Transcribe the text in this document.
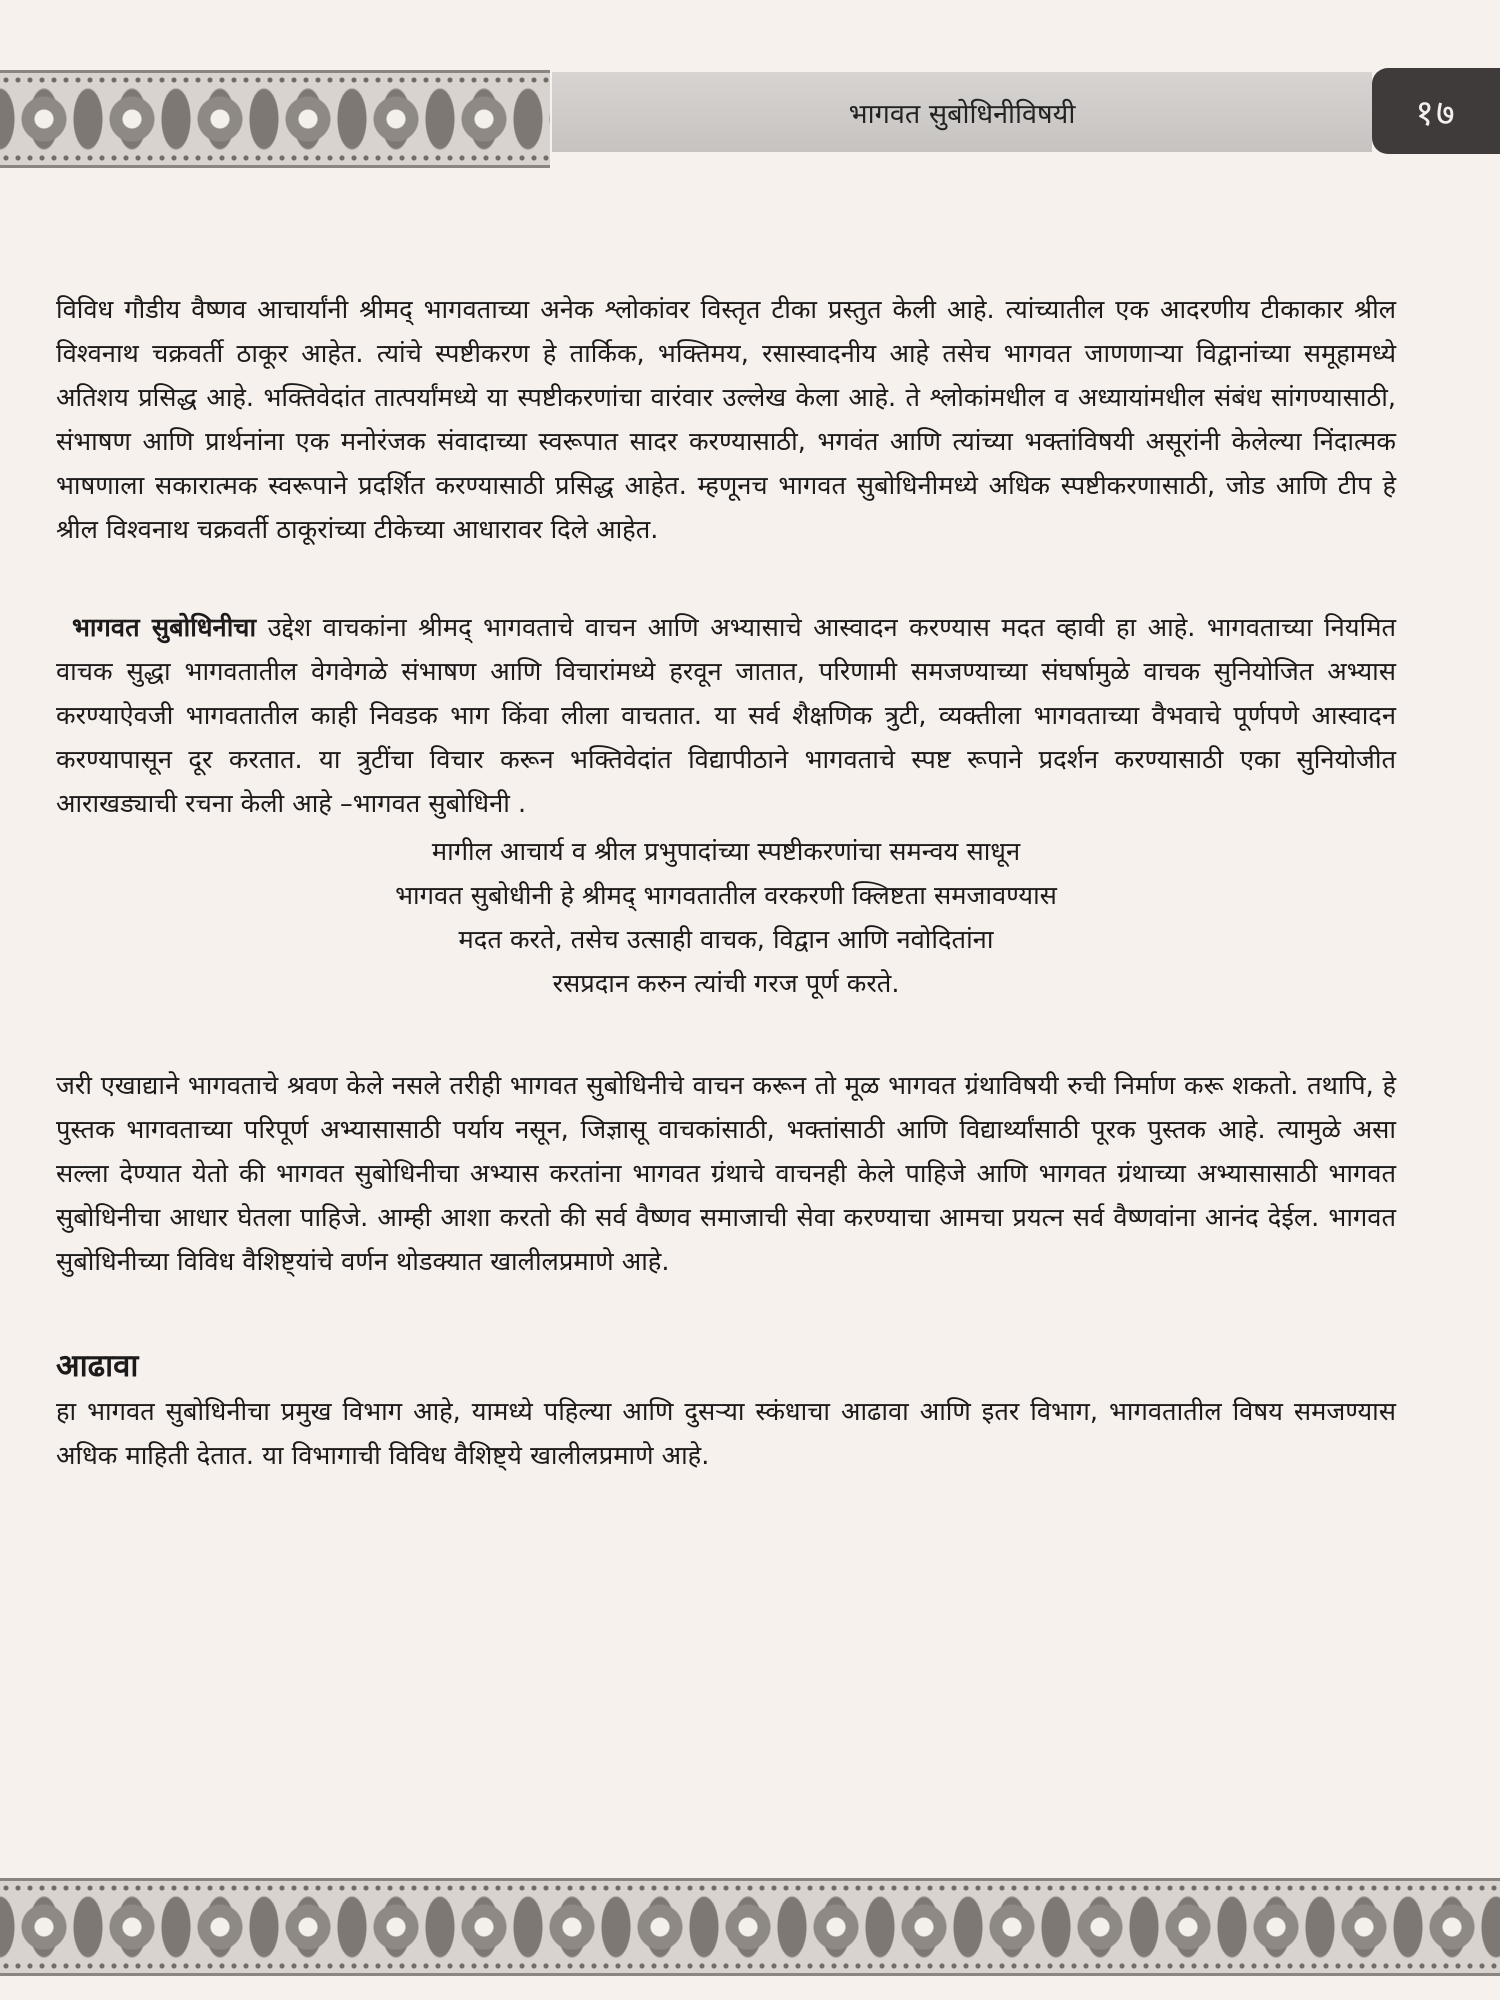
भागवत सुबोधिनीविषयी	१७

विविध गौडीय वैष्णव आचार्यांनी श्रीमद् भागवताच्या अनेक श्लोकांवर विस्तृत टीका प्रस्तुत केली आहे. त्यांच्यातील एक आदरणीय टीकाकार श्रील विश्वनाथ चक्रवर्ती ठाकूर आहेत. त्यांचे स्पष्टीकरण हे तार्किक, भक्तिमय, रसास्वादनीय आहे तसेच भागवत जाणणाऱ्या विद्वानांच्या समूहामध्ये अतिशय प्रसिद्ध आहे. भक्तिवेदांत तात्पर्यांमध्ये या स्पष्टीकरणांचा वारंवार उल्लेख केला आहे. ते श्लोकांमधील व अध्यायांमधील संबंध सांगण्यासाठी, संभाषण आणि प्रार्थनांना एक मनोरंजक संवादाच्या स्वरूपात सादर करण्यासाठी, भगवंत आणि त्यांच्या भक्तांविषयी असूरांनी केलेल्या निंदात्मक भाषणाला सकारात्मक स्वरूपाने प्रदर्शित करण्यासाठी प्रसिद्ध आहेत. म्हणूनच भागवत सुबोधिनीमध्ये अधिक स्पष्टीकरणासाठी, जोड आणि टीप हे श्रील विश्वनाथ चक्रवर्ती ठाकूरांच्या टीकेच्या आधारावर दिले आहेत.

भागवत सुबोधिनीचा उद्देश वाचकांना श्रीमद् भागवताचे वाचन आणि अभ्यासाचे आस्वादन करण्यास मदत व्हावी हा आहे. भागवताच्या नियमित वाचक सुद्धा भागवतातील वेगवेगळे संभाषण आणि विचारांमध्ये हरवून जातात, परिणामी समजण्याच्या संघर्षामुळे वाचक सुनियोजित अभ्यास करण्याऐवजी भागवतातील काही निवडक भाग किंवा लीला वाचतात. या सर्व शैक्षणिक त्रुटी, व्यक्तीला भागवताच्या वैभवाचे पूर्णपणे आस्वादन करण्यापासून दूर करतात. या त्रुटींचा विचार करून भक्तिवेदांत विद्यापीठाने भागवताचे स्पष्ट रूपाने प्रदर्शन करण्यासाठी एका सुनियोजीत आराखड्याची रचना केली आहे –भागवत सुबोधिनी .

मागील आचार्य व श्रील प्रभुपादांच्या स्पष्टीकरणांचा समन्वय साधून
भागवत सुबोधीनी हे श्रीमद् भागवतातील वरकरणी क्लिष्टता समजावण्यास
मदत करते, तसेच उत्साही वाचक, विद्वान आणि नवोदितांना
रसप्रदान करुन त्यांची गरज पूर्ण करते.

जरी एखाद्याने भागवताचे श्रवण केले नसले तरीही भागवत सुबोधिनीचे वाचन करून तो मूळ भागवत ग्रंथाविषयी रुची निर्माण करू शकतो. तथापि, हे पुस्तक भागवताच्या परिपूर्ण अभ्यासासाठी पर्याय नसून, जिज्ञासू वाचकांसाठी, भक्तांसाठी आणि विद्यार्थ्यांसाठी पूरक पुस्तक आहे. त्यामुळे असा सल्ला देण्यात येतो की भागवत सुबोधिनीचा अभ्यास करतांना भागवत ग्रंथाचे वाचनही केले पाहिजे आणि भागवत ग्रंथाच्या अभ्यासासाठी भागवत सुबोधिनीचा आधार घेतला पाहिजे. आम्ही आशा करतो की सर्व वैष्णव समाजाची सेवा करण्याचा आमचा प्रयत्न सर्व वैष्णवांना आनंद देईल. भागवत सुबोधिनीच्या विविध वैशिष्ट्यांचे वर्णन थोडक्यात खालीलप्रमाणे आहे.

आढावा

हा भागवत सुबोधिनीचा प्रमुख विभाग आहे, यामध्ये पहिल्या आणि दुसऱ्या स्कंधाचा आढावा आणि इतर विभाग, भागवतातील विषय समजण्यास अधिक माहिती देतात. या विभागाची विविध वैशिष्ट्ये खालीलप्रमाणे आहे.
